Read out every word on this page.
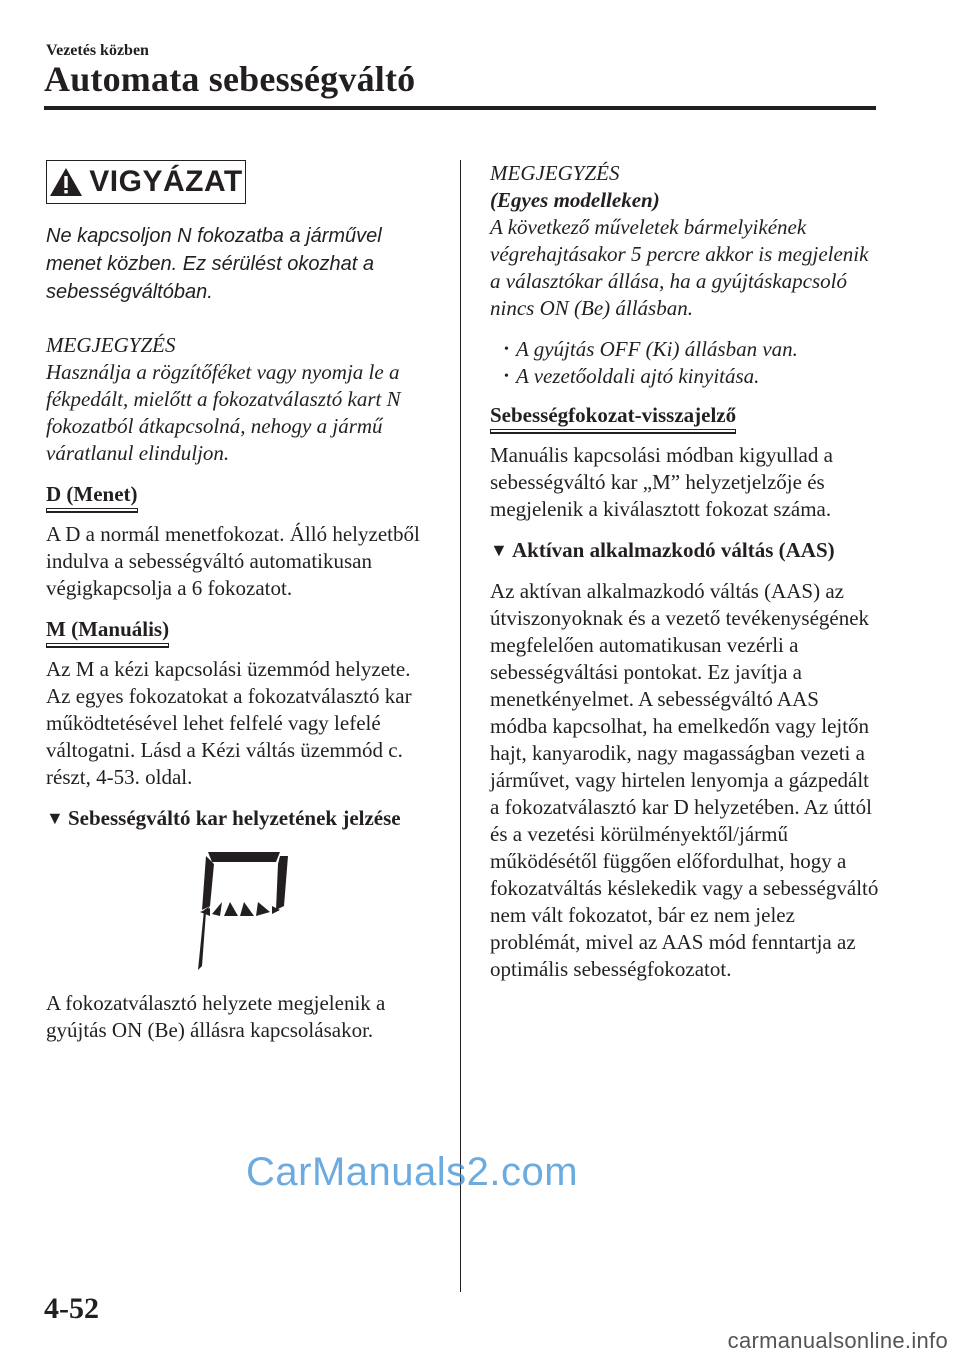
Vezetés közben
Automata sebességváltó
VIGYÁZAT
Ne kapcsoljon N fokozatba a járművel menet közben. Ez sérülést okozhat a sebességváltóban.
MEGJEGYZÉS
Használja a rögzítőféket vagy nyomja le a fékpedált, mielőtt a fokozatválasztó kart N fokozatból átkapcsolná, nehogy a jármű váratlanul elinduljon.
D (Menet)
A D a normál menetfokozat. Álló helyzetből indulva a sebességváltó automatikusan végigkapcsolja a 6 fokozatot.
M (Manuális)
Az M a kézi kapcsolási üzemmód helyzete. Az egyes fokozatokat a fokozatválasztó kar működtetésével lehet felfelé vagy lefelé váltogatni. Lásd a Kézi váltás üzemmód c. részt, 4-53. oldal.
▼ Sebességváltó kar helyzetének jelzése
A fokozatválasztó helyzete megjelenik a gyújtás ON (Be) állásra kapcsolásakor.
MEGJEGYZÉS
(Egyes modelleken)
A következő műveletek bármelyikének végrehajtásakor 5 percre akkor is megjelenik a választókar állása, ha a gyújtáskapcsoló nincs ON (Be) állásban.
• A gyújtás OFF (Ki) állásban van.
• A vezetőoldali ajtó kinyitása.
Sebességfokozat-visszajelző
Manuális kapcsolási módban kigyullad a sebességváltó kar „M” helyzetjelzője és megjelenik a kiválasztott fokozat száma.
▼ Aktívan alkalmazkodó váltás (AAS)
Az aktívan alkalmazkodó váltás (AAS) az útviszonyoknak és a vezető tevékenységének megfelelően automatikusan vezérli a sebességváltási pontokat. Ez javítja a menetkényelmet. A sebességváltó AAS módba kapcsolhat, ha emelkedőn vagy lejtőn hajt, kanyarodik, nagy magasságban vezeti a járművet, vagy hirtelen lenyomja a gázpedált a fokozatválasztó kar D helyzetében. Az úttól és a vezetési körülményektől/jármű működésétől függően előfordulhat, hogy a fokozatváltás késlekedik vagy a sebességváltó nem vált fokozatot, bár ez nem jelez problémát, mivel az AAS mód fenntartja az optimális sebességfokozatot.
CarManuals2.com
4-52
carmanualsonline.info
